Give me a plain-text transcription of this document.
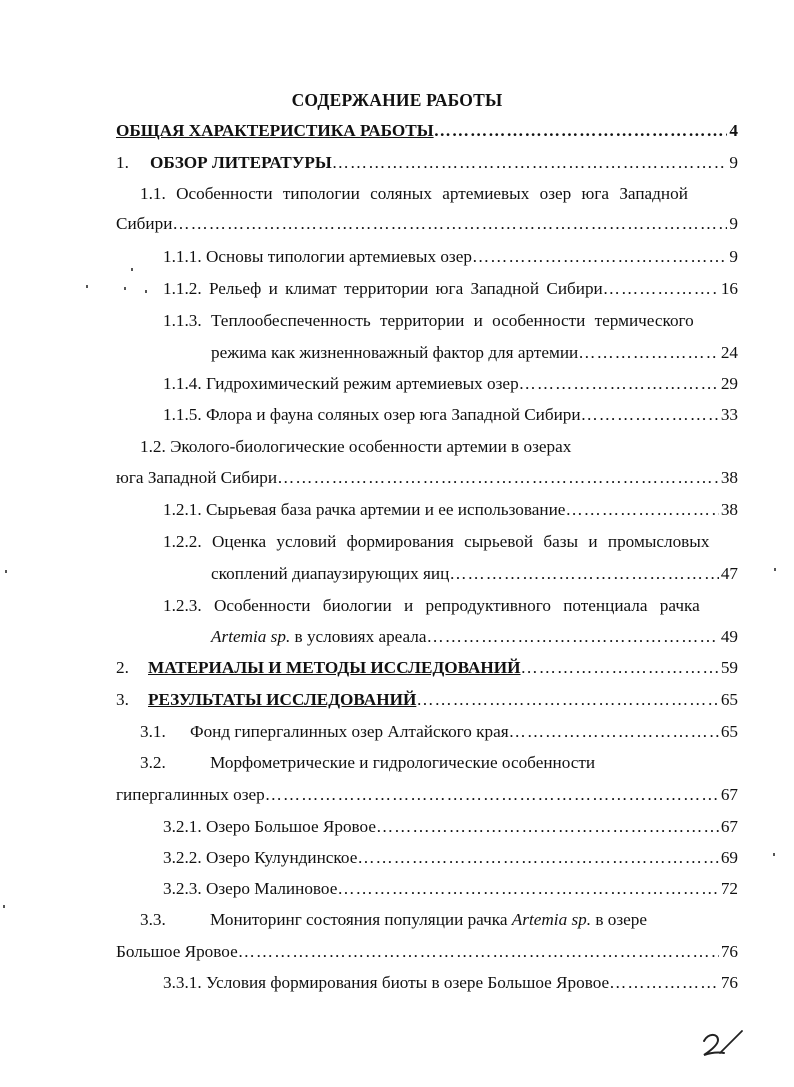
СОДЕРЖАНИЕ РАБОТЫ
ОБЩАЯ ХАРАКТЕРИСТИКА РАБОТЫ …………………………………………………………………………………………………………………………	4
1.	ОБЗОР ЛИТЕРАТУРЫ …………………………………………………………………………………………………………………………	9
1.1. Особенности типологии соляных артемиевых озер юга Западной
Сибири …………………………………………………………………………………………………………………………	9
1.1.1. Основы типологии артемиевых озер …………………………………………………………………………………………………………………………	9
1.1.2. Рельеф и климат территории юга Западной Сибири …………………………………………………………………………………………………………………………	16
1.1.3. Теплообеспеченность территории и особенности термического
режима как жизненноважный фактор для артемии …………………………………………………………………………………………………………………………	24
1.1.4. Гидрохимический режим артемиевых озер …………………………………………………………………………………………………………………………	29
1.1.5. Флора и фауна соляных озер юга Западной Сибири …………………………………………………………………………………………………………………………	33
1.2. Эколого-биологические особенности артемии в озерах
юга Западной Сибири …………………………………………………………………………………………………………………………	38
1.2.1. Сырьевая база рачка артемии и ее использование …………………………………………………………………………………………………………………………	38
1.2.2. Оценка условий формирования сырьевой базы и промысловых
скоплений диапаузирующих яиц …………………………………………………………………………………………………………………………	47
1.2.3. Особенности биологии и репродуктивного потенциала рачка
Artemia sp. в условиях ареала …………………………………………………………………………………………………………………………	49
2.	МАТЕРИАЛЫ И МЕТОДЫ ИССЛЕДОВАНИЙ …………………………………………………………………………………………………………………………	59
3.	РЕЗУЛЬТАТЫ ИССЛЕДОВАНИЙ …………………………………………………………………………………………………………………………	65
3.1.	Фонд гипергалинных озер Алтайского края …………………………………………………………………………………………………………………………	65
3.2.	Морфометрические и гидрологические особенности
гипергалинных озер …………………………………………………………………………………………………………………………	67
3.2.1. Озеро Большое Яровое …………………………………………………………………………………………………………………………	67
3.2.2. Озеро Кулундинское …………………………………………………………………………………………………………………………	69
3.2.3. Озеро Малиновое …………………………………………………………………………………………………………………………	72
3.3.	Мониторинг состояния популяции рачка Artemia sp. в озере
Большое Яровое …………………………………………………………………………………………………………………………	76
3.3.1. Условия формирования биоты в озере Большое Яровое …………………………………………………………………………………………………………………………	76
